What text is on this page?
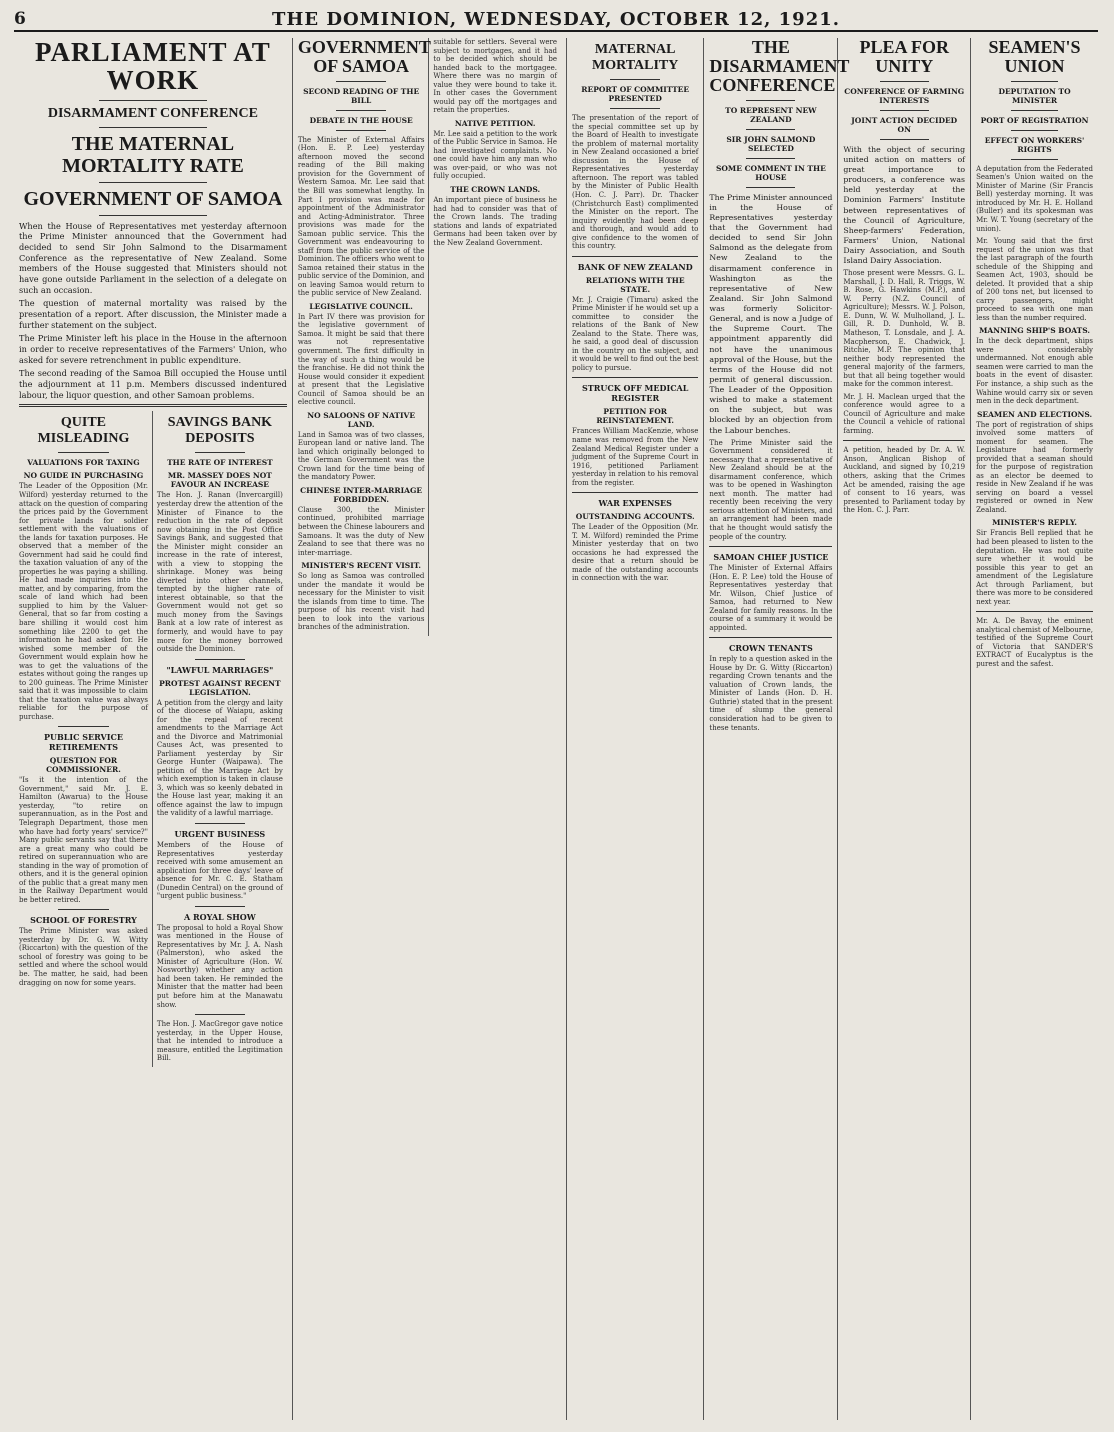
6	THE DOMINION, WEDNESDAY, OCTOBER 12, 1921.
PARLIAMENT AT WORK
DISARMAMENT CONFERENCE
THE MATERNAL MORTALITY RATE
GOVERNMENT OF SAMOA
When the House of Representatives met yesterday afternoon the Prime Minister announced that the Government had decided to send Sir John Salmond to the Disarmament Conference as the representative of New Zealand. Some members of the House suggested that Ministers should not have gone outside Parliament in the selection of a delegate on such an occasion.
The question of maternal mortality was raised by the presentation of a report. After discussion, the Minister made a further statement on the subject.
The Prime Minister left his place in the House in the afternoon in order to receive representatives of the Farmers' Union, who asked for severe retrenchment in public expenditure.
The second reading of the Samoa Bill occupied the House until the adjournment at 11 p.m. Members discussed indentured labour, the liquor question, and other Samoan problems.
QUITE MISLEADING
VALUATIONS FOR TAXING
NO GUIDE IN PURCHASING
The Leader of the Opposition (Mr. Wilford) yesterday returned to the attack on the question of comparing the prices paid by the Government for private lands for soldier settlement with the valuations of the lands for taxation purposes. He observed that a member of the Government had said he could find the taxation valuation of any of the properties he was paying a shilling. He had made inquiries into the matter, and by comparing, from the scale of land which had been supplied to him by the Valuer-General, that so far from costing a bare shilling it would cost him something like 2200 to get the information he had asked for. He wished some member of the Government would explain how he was to get the valuations of the estates without going the ranges up to 200 guineas. The Prime Minister said that it was impossible to claim that the taxation value was always reliable for the purpose of purchase.
PUBLIC SERVICE RETIREMENTS
QUESTION FOR COMMISSIONER.
"Is it the intention of the Government," said Mr. J. E. Hamilton (Awarua) to the House yesterday, "to retire on superannuation, as in the Post and Telegraph Department, those men who have had forty years' service?" Many public servants say that there are a great many who could be retired on superannuation who are standing in the way of promotion of others, and it is the general opinion of the public that a great many men in the Railway Department would be better retired.
SCHOOL OF FORESTRY
The Prime Minister was asked yesterday by Dr. G. W. Witty (Riccarton) with the question of the school of forestry was going to be settled and where the school would be. The matter, he said, had been dragging on now for some years.
SAVINGS BANK DEPOSITS
THE RATE OF INTEREST
MR. MASSEY DOES NOT FAVOUR AN INCREASE
The Hon. J. Ranan (Invercargill) yesterday drew the attention of the Minister of Finance to the reduction in the rate of deposit now obtaining in the Post Office Savings Bank, and suggested that the Minister might consider an increase in the rate of interest, with a view to stopping the shrinkage. Money was being diverted into other channels, tempted by the higher rate of interest obtainable, so that the Government would not get so much money from the Savings Bank at a low rate of interest as formerly, and would have to pay more for the money borrowed outside the Dominion.
"LAWFUL MARRIAGES"
PROTEST AGAINST RECENT LEGISLATION.
A petition from the clergy and laity of the diocese of Waiapu, asking for the repeal of recent amendments to the Marriage Act and the Divorce and Matrimonial Causes Act, was presented to Parliament yesterday by Sir George Hunter (Waipawa). The petition of the Marriage Act by which exemption is taken in clause 3, which was so keenly debated in the House last year, making it an offence against the law to impugn the validity of a lawful marriage.
URGENT BUSINESS
Members of the House of Representatives yesterday received with some amusement an application for three days' leave of absence for Mr. C. E. Statham (Dunedin Central) on the ground of "urgent public business."
A ROYAL SHOW
The proposal to hold a Royal Show was mentioned in the House of Representatives by Mr. J. A. Nash (Palmerston), who asked the Minister of Agriculture (Hon. W. Nosworthy) whether any action had been taken. He reminded the Minister that the matter had been put before him at the Manawatu show.
The Hon. J. MacGregor gave notice yesterday, in the Upper House, that he intended to introduce a measure, entitled the Legitimation Bill.
GOVERNMENT OF SAMOA
SECOND READING OF THE BILL
DEBATE IN THE HOUSE
The Minister of External Affairs (Hon. E. P. Lee) yesterday afternoon moved the second reading of the Bill making provision for the Government of Western Samoa. Mr. Lee said that the Bill was somewhat lengthy. In Part I provision was made for appointment of the Administrator and Acting-Administrator. Three provisions was made for the Samoan public service. This the Government was endeavouring to staff from the public service of the Dominion. The officers who went to Samoa retained their status in the public service of the Dominion, and on leaving Samoa would return to the public service of New Zealand.
LEGISLATIVE COUNCIL.
In Part IV there was provision for the legislative government of Samoa. It might be said that there was not representative government. The first difficulty in the way of such a thing would be the franchise. He did not think the House would consider it expedient at present that the Legislative Council of Samoa should be an elective council.
NO SALOONS OF NATIVE LAND.
Land in Samoa was of two classes, European land or native land. The land which originally belonged to the German Government was the Crown land for the time being of the mandatory Power.
CHINESE INTER-MARRIAGE FORBIDDEN.
Clause 300, the Minister continued, prohibited marriage between the Chinese labourers and Samoans. It was the duty of New Zealand to see that there was no inter-marriage.
MINISTER'S RECENT VISIT.
So long as Samoa was controlled under the mandate it would be necessary for the Minister to visit the islands from time to time. The purpose of his recent visit had been to look into the various branches of the administration.
suitable for settlers. Several were subject to mortgages, and it had to be decided which should be handed back to the mortgagee. Where there was no margin of value they were bound to take it. In other cases the Government would pay off the mortgages and retain the properties.
NATIVE PETITION.
Mr. Lee said a petition to the work of the Public Service in Samoa. He had investigated complaints. No one could have him any man who was over-paid, or who was not fully occupied.
THE CROWN LANDS.
An important piece of business he had had to consider was that of the Crown lands. The trading stations and lands of expatriated Germans had been taken over by the New Zealand Government.
MATERNAL MORTALITY
REPORT OF COMMITTEE PRESENTED
The presentation of the report of the special committee set up by the Board of Health to investigate the problem of maternal mortality in New Zealand occasioned a brief discussion in the House of Representatives yesterday afternoon. The report was tabled by the Minister of Public Health (Hon. C. J. Parr). Dr. Thacker (Christchurch East) complimented the Minister on the report. The inquiry evidently had been deep and thorough, and would add to give confidence to the women of this country.
BANK OF NEW ZEALAND
RELATIONS WITH THE STATE.
Mr. J. Craigie (Timaru) asked the Prime Minister if he would set up a committee to consider the relations of the Bank of New Zealand to the State. There was, he said, a good deal of discussion in the country on the subject, and it would be well to find out the best policy to pursue.
STRUCK OFF MEDICAL REGISTER
PETITION FOR REINSTATEMENT.
Frances William MacKenzie, whose name was removed from the New Zealand Medical Register under a judgment of the Supreme Court in 1916, petitioned Parliament yesterday in relation to his removal from the register.
WAR EXPENSES
OUTSTANDING ACCOUNTS.
The Leader of the Opposition (Mr. T. M. Wilford) reminded the Prime Minister yesterday that on two occasions he had expressed the desire that a return should be made of the outstanding accounts in connection with the war.
THE DISARMAMENT CONFERENCE
TO REPRESENT NEW ZEALAND
SIR JOHN SALMOND SELECTED
SOME COMMENT IN THE HOUSE
The Prime Minister announced in the House of Representatives yesterday that the Government had decided to send Sir John Salmond as the delegate from New Zealand to the disarmament conference in Washington as the representative of New Zealand. Sir John Salmond was formerly Solicitor-General, and is now a Judge of the Supreme Court. The appointment apparently did not have the unanimous approval of the House, but the terms of the House did not permit of general discussion. The Leader of the Opposition wished to make a statement on the subject, but was blocked by an objection from the Labour benches.
The Prime Minister said the Government considered it necessary that a representative of New Zealand should be at the disarmament conference, which was to be opened in Washington next month. The matter had recently been receiving the very serious attention of Ministers, and an arrangement had been made that he thought would satisfy the people of the country.
SAMOAN CHIEF JUSTICE
The Minister of External Affairs (Hon. E. P. Lee) told the House of Representatives yesterday that Mr. Wilson, Chief Justice of Samoa, had returned to New Zealand for family reasons. In the course of a summary it would be appointed.
CROWN TENANTS
In reply to a question asked in the House by Dr. G. Witty (Riccarton) regarding Crown tenants and the valuation of Crown lands, the Minister of Lands (Hon. D. H. Guthrie) stated that in the present time of slump the general consideration had to be given to these tenants.
PLEA FOR UNITY
CONFERENCE OF FARMING INTERESTS
JOINT ACTION DECIDED ON
With the object of securing united action on matters of great importance to producers, a conference was held yesterday at the Dominion Farmers' Institute between representatives of the Council of Agriculture, Sheep-farmers' Federation, Farmers' Union, National Dairy Association, and South Island Dairy Association.
Those present were Messrs. G. L. Marshall, J. D. Hall, R. Triggs, W. B. Rose, G. Hawkins (M.P.), and W. Perry (N.Z. Council of Agriculture); Messrs. W. J. Polson, E. Dunn, W. W. Mulholland, J. L. Gill, R. D. Dunhold, W. B. Matheson, T. Lonsdale, and J. A. Macpherson, E. Chadwick, J. Ritchie, M.P. The opinion that neither body represented the general majority of the farmers, but that all being together would make for the common interest.
Mr. J. H. Maclean urged that the conference would agree to a Council of Agriculture and make the Council a vehicle of rational farming.
A petition, headed by Dr. A. W. Anson, Anglican Bishop of Auckland, and signed by 10,219 others, asking that the Crimes Act be amended, raising the age of consent to 16 years, was presented to Parliament today by the Hon. C. J. Parr.
SEAMEN'S UNION
DEPUTATION TO MINISTER
PORT OF REGISTRATION
EFFECT ON WORKERS' RIGHTS
A deputation from the Federated Seamen's Union waited on the Minister of Marine (Sir Francis Bell) yesterday morning. It was introduced by Mr. H. E. Holland (Buller) and its spokesman was Mr. W. T. Young (secretary of the union).
Mr. Young said that the first request of the union was that the last paragraph of the fourth schedule of the Shipping and Seamen Act, 1903, should be deleted. It provided that a ship of 200 tons net, but licensed to carry passengers, might proceed to sea with one man less than the number required.
MANNING SHIP'S BOATS.
In the deck department, ships were considerably undermanned. Not enough able seamen were carried to man the boats in the event of disaster. For instance, a ship such as the Wahine would carry six or seven men in the deck department.
SEAMEN AND ELECTIONS.
The port of registration of ships involved some matters of moment for seamen. The Legislature had formerly provided that a seaman should for the purpose of registration as an elector be deemed to reside in New Zealand if he was serving on board a vessel registered or owned in New Zealand.
MINISTER'S REPLY.
Sir Francis Bell replied that he had been pleased to listen to the deputation. He was not quite sure whether it would be possible this year to get an amendment of the Legislature Act through Parliament, but there was more to be considered next year.
Mr. A. De Bavay, the eminent analytical chemist of Melbourne, testified of the Supreme Court of Victoria that SANDER'S EXTRACT of Eucalyptus is the purest and the safest.
